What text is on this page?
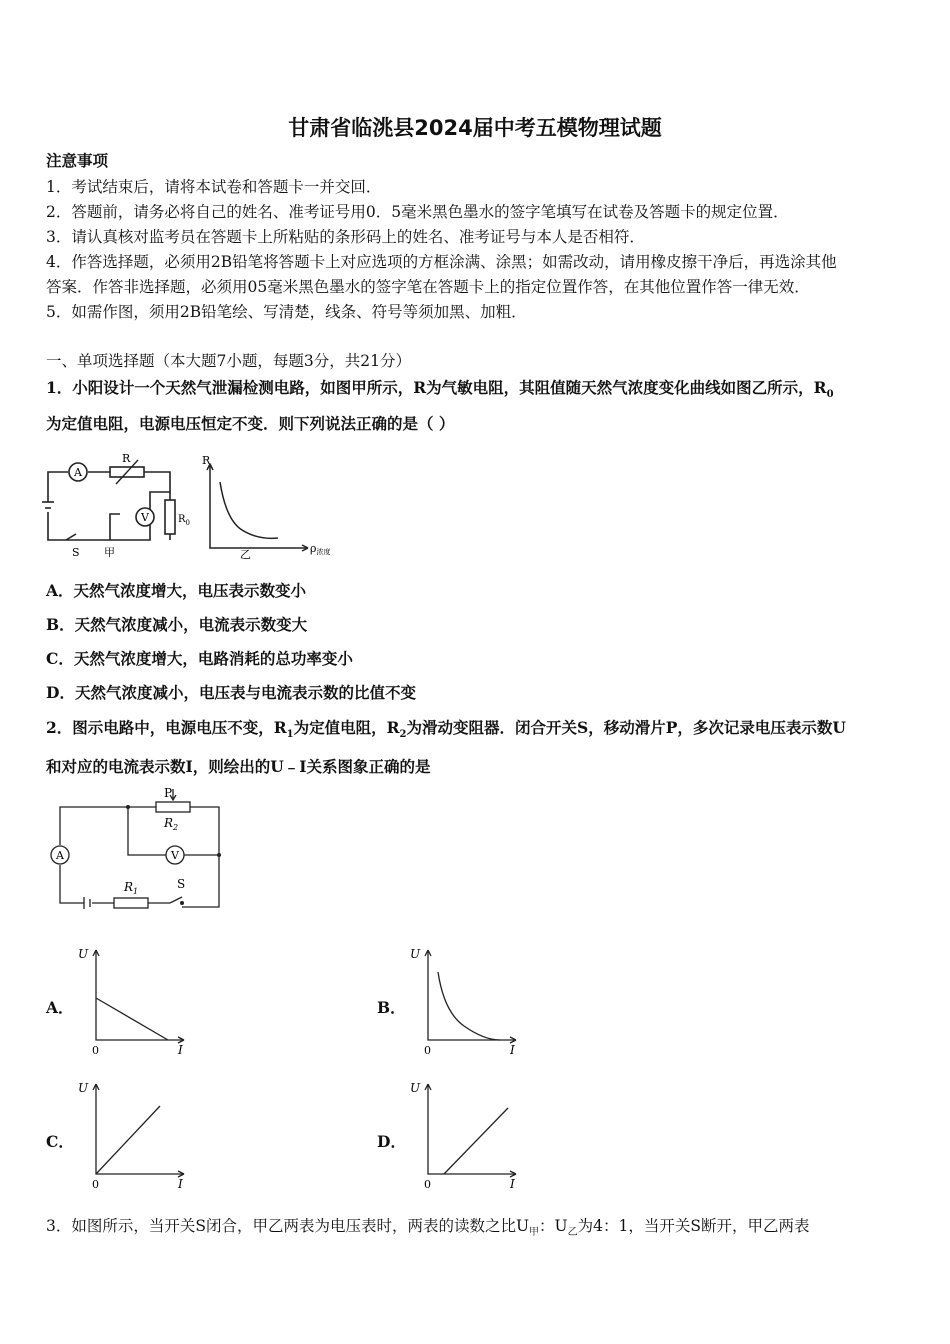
甘肃省临洮县2024届中考五模物理试题
注意事项
1．考试结束后，请将本试卷和答题卡一并交回．
2．答题前，请务必将自己的姓名、准考证号用0．5毫米黑色墨水的签字笔填写在试卷及答题卡的规定位置．
3．请认真核对监考员在答题卡上所粘贴的条形码上的姓名、准考证号与本人是否相符．
4．作答选择题，必须用2B铅笔将答题卡上对应选项的方框涂满、涂黑；如需改动，请用橡皮擦干净后，再选涂其他
答案．作答非选择题，必须用05毫米黑色墨水的签字笔在答题卡上的指定位置作答，在其他位置作答一律无效．
5．如需作图，须用2B铅笔绘、写清楚，线条、符号等须加黑、加粗．
一、单项选择题（本大题7小题，每题3分，共21分）
1．小阳设计一个天然气泄漏检测电路，如图甲所示，R为气敏电阻，其阻值随天然气浓度变化曲线如图乙所示，$R_0$
为定值电阻，电源电压恒定不变．则下列说法正确的是（ ）
A
R
V	$R_0$
S 甲
R
ρ浓度
乙
A．天然气浓度增大，电压表示数变小
B．天然气浓度减小，电流表示数变大
C．天然气浓度增大，电路消耗的总功率变小
D．天然气浓度减小，电压表与电流表示数的比值不变
2．图示电路中，电源电压不变，$R_1$为定值电阻，$R_2$为滑动变阻器．闭合开关S，移动滑片P，多次记录电压表示数U
和对应的电流表示数I，则绘出的U﹣I关系图象正确的是
P
$R_2$
A	V
$R_1$
S
U
0	I
U
0	I
U
0	I
U
0	I
A．	B．
C．	D．
3．如图所示，当开关S闭合，甲乙两表为电压表时，两表的读数之比$U_甲$：$U_乙$为4：1，当开关S断开，甲乙两表
